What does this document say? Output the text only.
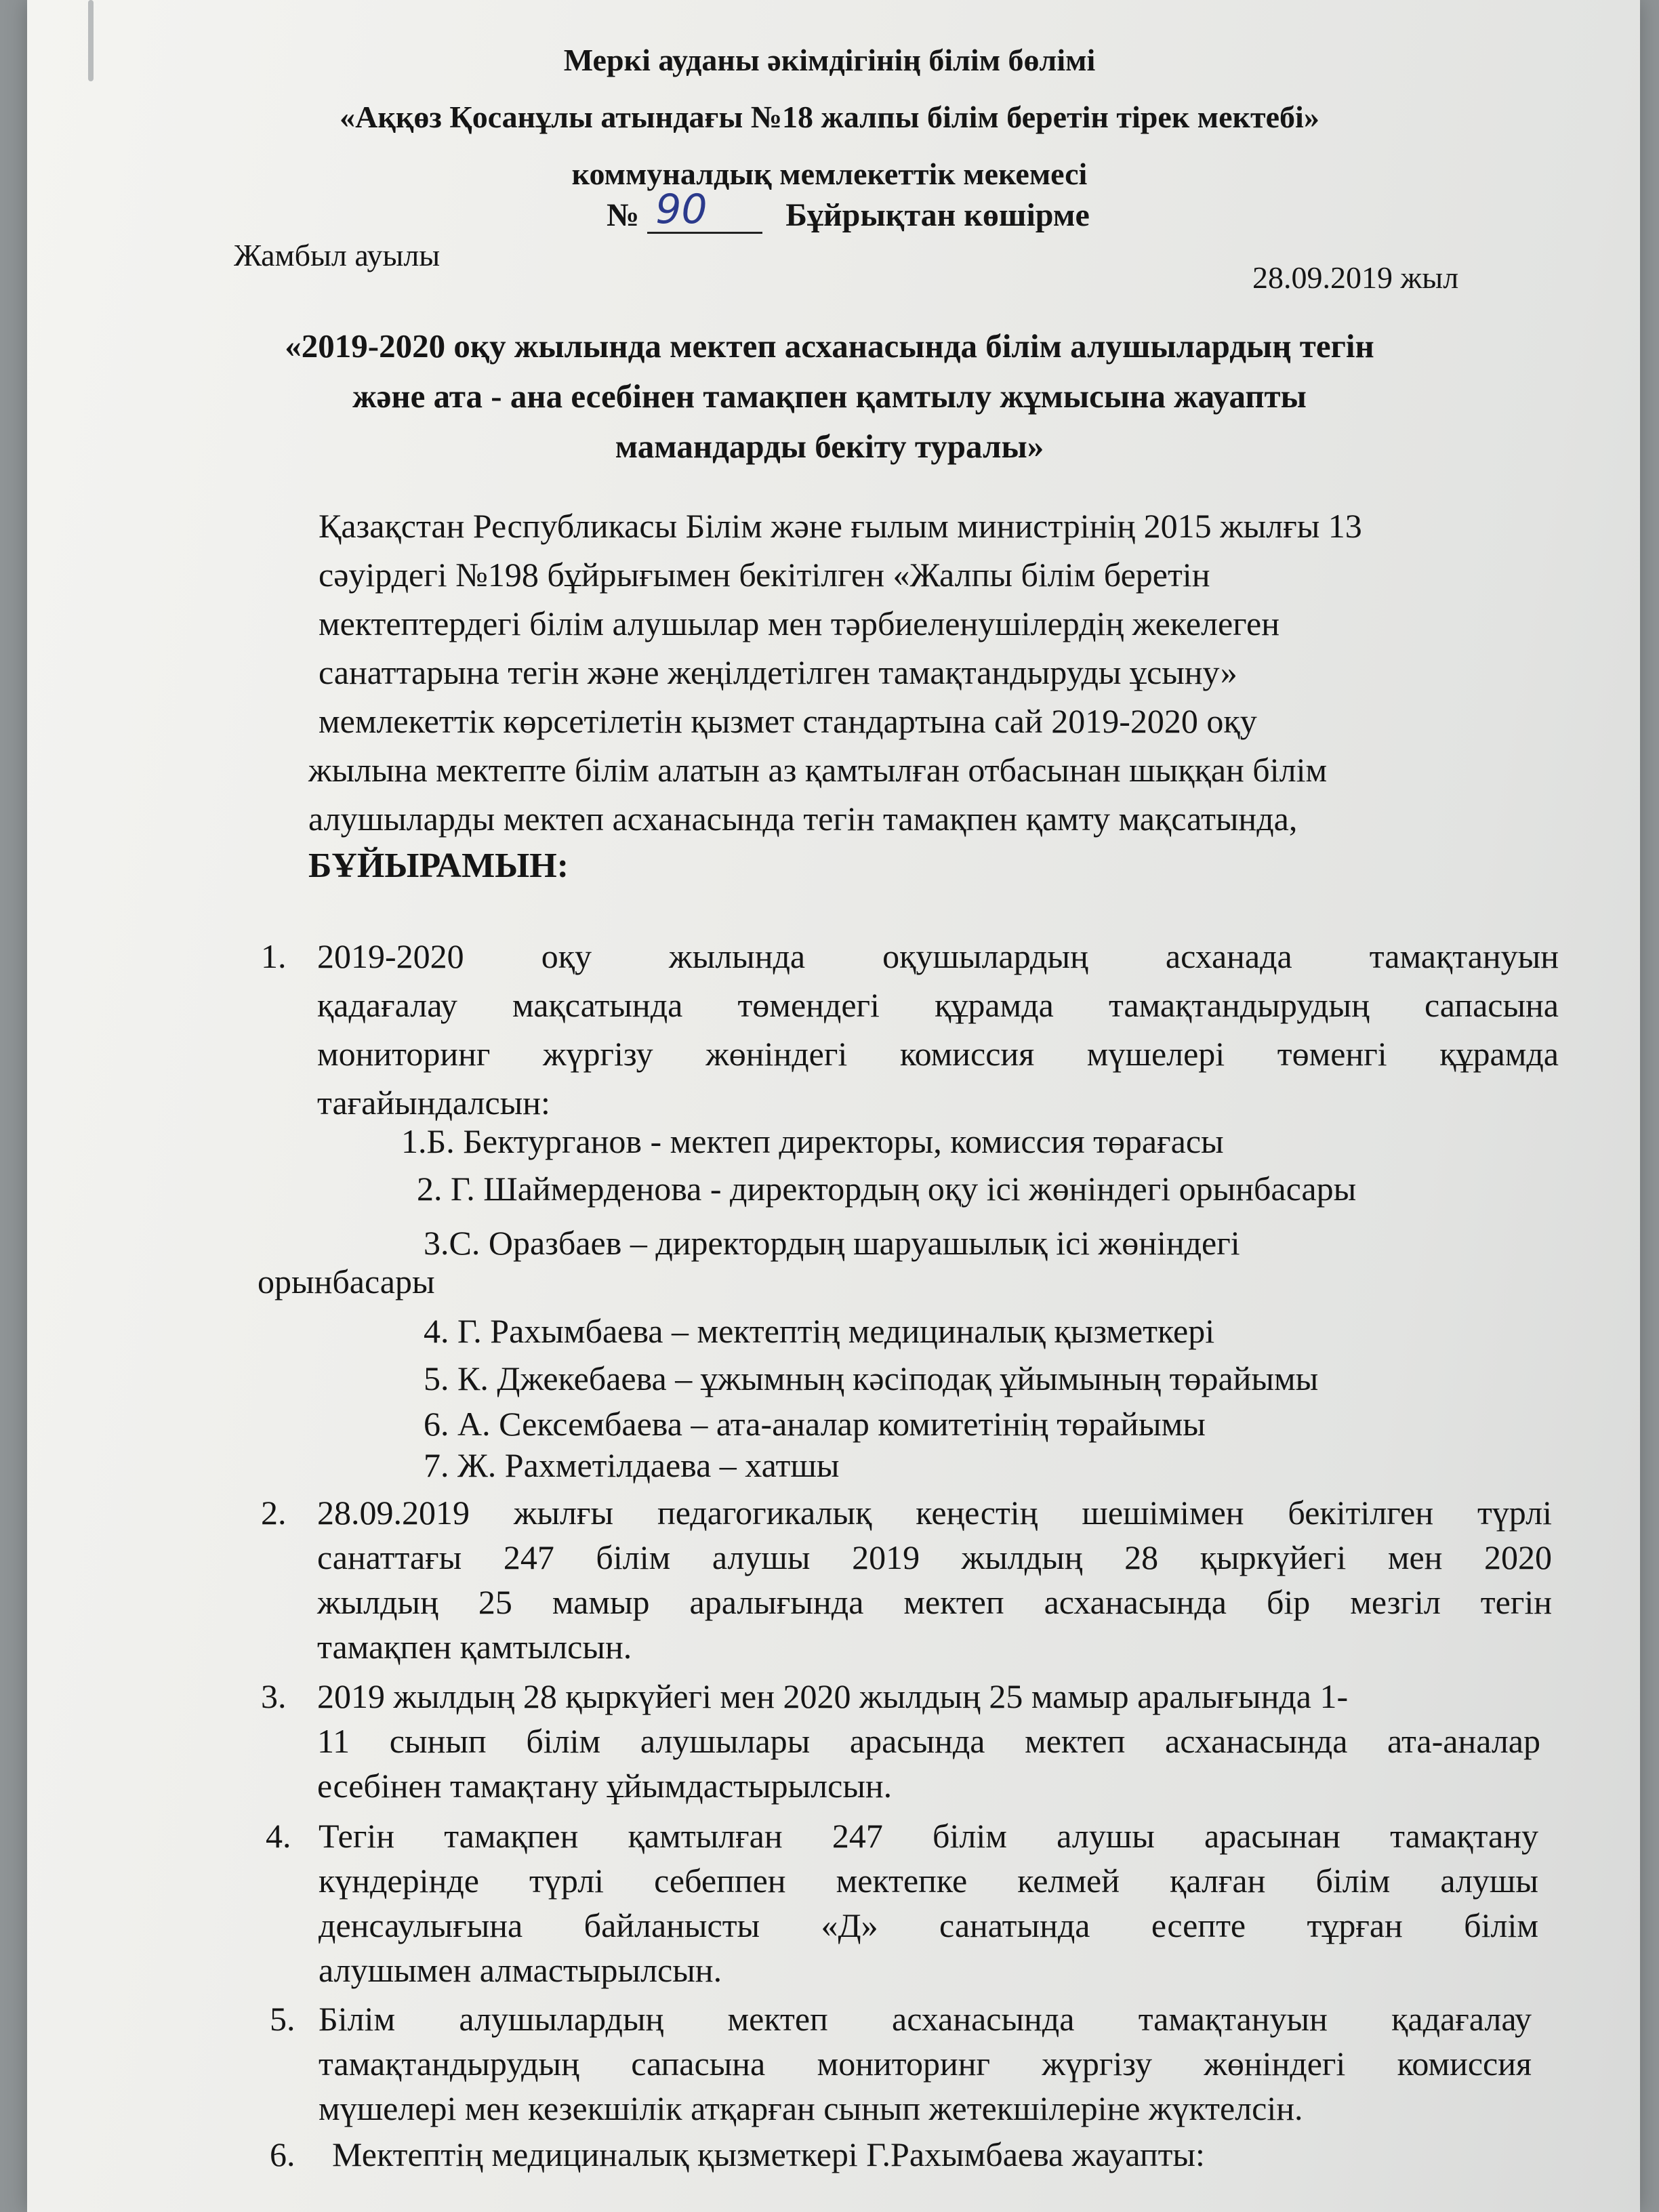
Меркі ауданы әкімдігінің білім бөлімі
«Аққөз Қосанұлы атындағы №18 жалпы білім беретін тірек мектебі»
коммуналдық мемлекеттік мекемесі
№ 90 Бұйрықтан көшірме
Жамбыл ауылы
28.09.2019 жыл
«2019-2020 оқу жылында мектеп асханасында білім алушылардың тегін
және ата - ана есебінен тамақпен қамтылу жұмысына жауапты
мамандарды бекіту туралы»
Қазақстан Республикасы Білім және ғылым министрінің 2015 жылғы 13
сәуірдегі №198 бұйрығымен бекітілген «Жалпы білім беретін
мектептердегі білім алушылар мен тәрбиеленушілердің жекелеген
санаттарына тегін және жеңілдетілген тамақтандыруды ұсыну»
мемлекеттік көрсетілетін қызмет стандартына сай 2019-2020 оқу
жылына мектепте білім алатын аз қамтылған отбасынан шыққан білім
алушыларды мектеп асханасында тегін тамақпен қамту мақсатында,
БҰЙЫРАМЫН:
1. 2019-2020 оқу жылында оқушылардың асханада тамақтануын
қадағалау мақсатында төмендегі құрамда тамақтандырудың сапасына
мониторинг жүргізу жөніндегі комиссия мүшелері төменгі құрамда
тағайындалсын:
1.Б. Бектурганов - мектеп директоры, комиссия төрағасы
2. Г. Шаймерденова - директордың оқу ісі жөніндегі орынбасары
3.С. Оразбаев – директордың шаруашылық ісі жөніндегі
орынбасары
4. Г. Рахымбаева – мектептің медициналық қызметкері
5. К. Джекебаева – ұжымның кәсіподақ ұйымының төрайымы
6. А. Сексембаева – ата-аналар комитетінің төрайымы
7. Ж. Рахметілдаева – хатшы
2. 28.09.2019 жылғы педагогикалық кеңестің шешімімен бекітілген түрлі
санаттағы 247 білім алушы 2019 жылдың 28 қыркүйегі мен 2020
жылдың 25 мамыр аралығында мектеп асханасында бір мезгіл тегін
тамақпен қамтылсын.
3. 2019 жылдың 28 қыркүйегі мен 2020 жылдың 25 мамыр аралығында 1-
11 сынып білім алушылары арасында мектеп асханасында ата-аналар
есебінен тамақтану ұйымдастырылсын.
4. Тегін тамақпен қамтылған 247 білім алушы арасынан тамақтану
күндерінде түрлі себеппен мектепке келмей қалған білім алушы
денсаулығына байланысты «Д» санатында есепте тұрған білім
алушымен алмастырылсын.
5. Білім алушылардың мектеп асханасында тамақтануын қадағалау
тамақтандырудың сапасына мониторинг жүргізу жөніндегі комиссия
мүшелері мен кезекшілік атқарған сынып жетекшілеріне жүктелсін.
6. Мектептің медициналық қызметкері Г.Рахымбаева жауапты:
